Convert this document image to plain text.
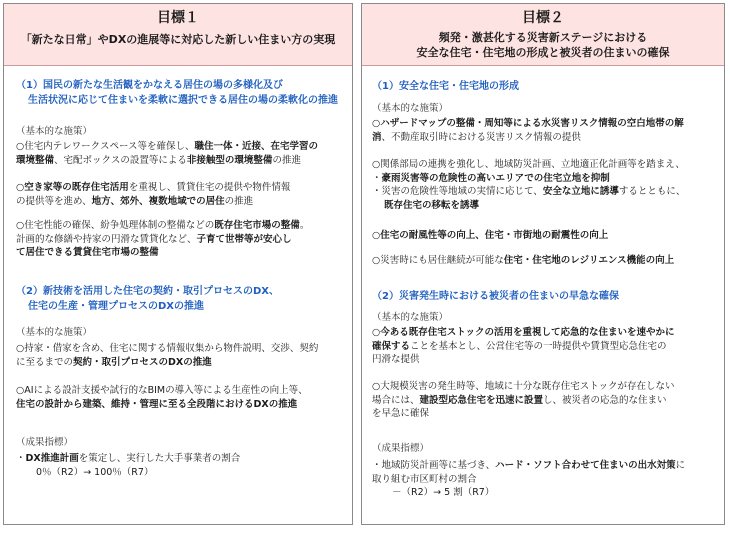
目標１
「新たな日常」やDXの進展等に対応した新しい住まい方の実現
（1）国民の新たな生活観をかなえる居住の場の多様化及び
生活状況に応じて住まいを柔軟に選択できる居住の場の柔軟化の推進
（基本的な施策）
○住宅内テレワークスペース等を確保し、職住一体・近接、在宅学習の
環境整備、宅配ボックスの設置等による非接触型の環境整備の推進
○空き家等の既存住宅活用を重視し、賃貸住宅の提供や物件情報
の提供等を進め、地方、郊外、複数地域での居住の推進
○住宅性能の確保、紛争処理体制の整備などの既存住宅市場の整備。
計画的な修繕や持家の円滑な賃貸化など、子育て世帯等が安心し
て居住できる賃貸住宅市場の整備
（2）新技術を活用した住宅の契約・取引プロセスのDX、
住宅の生産・管理プロセスのDXの推進
（基本的な施策）
○持家・借家を含め、住宅に関する情報収集から物件説明、交渉、契約
に至るまでの契約・取引プロセスのDXの推進
○AIによる設計支援や試行的なBIMの導入等による生産性の向上等、
住宅の設計から建築、維持・管理に至る全段階におけるDXの推進
（成果指標）
・DX推進計画を策定し、実行した大手事業者の割合
0％（R2）→ 100％（R7）
目標２
頻発・激甚化する災害新ステージにおける
安全な住宅・住宅地の形成と被災者の住まいの確保
（1）安全な住宅・住宅地の形成
（基本的な施策）
○ハザードマップの整備・周知等による水災害リスク情報の空白地帯の解
消、不動産取引時における災害リスク情報の提供
○関係部局の連携を強化し、地域防災計画、立地適正化計画等を踏まえ、
・豪雨災害等の危険性の高いエリアでの住宅立地を抑制
・災害の危険性等地域の実情に応じて、安全な立地に誘導するとともに、
既存住宅の移転を誘導
○住宅の耐風性等の向上、住宅・市街地の耐震性の向上
○災害時にも居住継続が可能な住宅・住宅地のレジリエンス機能の向上
（2）災害発生時における被災者の住まいの早急な確保
（基本的な施策）
○今ある既存住宅ストックの活用を重視して応急的な住まいを速やかに
確保することを基本とし、公営住宅等の一時提供や賃貸型応急住宅の
円滑な提供
○大規模災害の発生時等、地域に十分な既存住宅ストックが存在しない
場合には、建設型応急住宅を迅速に設置し、被災者の応急的な住まい
を早急に確保
（成果指標）
・地域防災計画等に基づき、ハード・ソフト合わせて住まいの出水対策に
取り組む市区町村の割合
－（R2）→ 5 割（R7）
